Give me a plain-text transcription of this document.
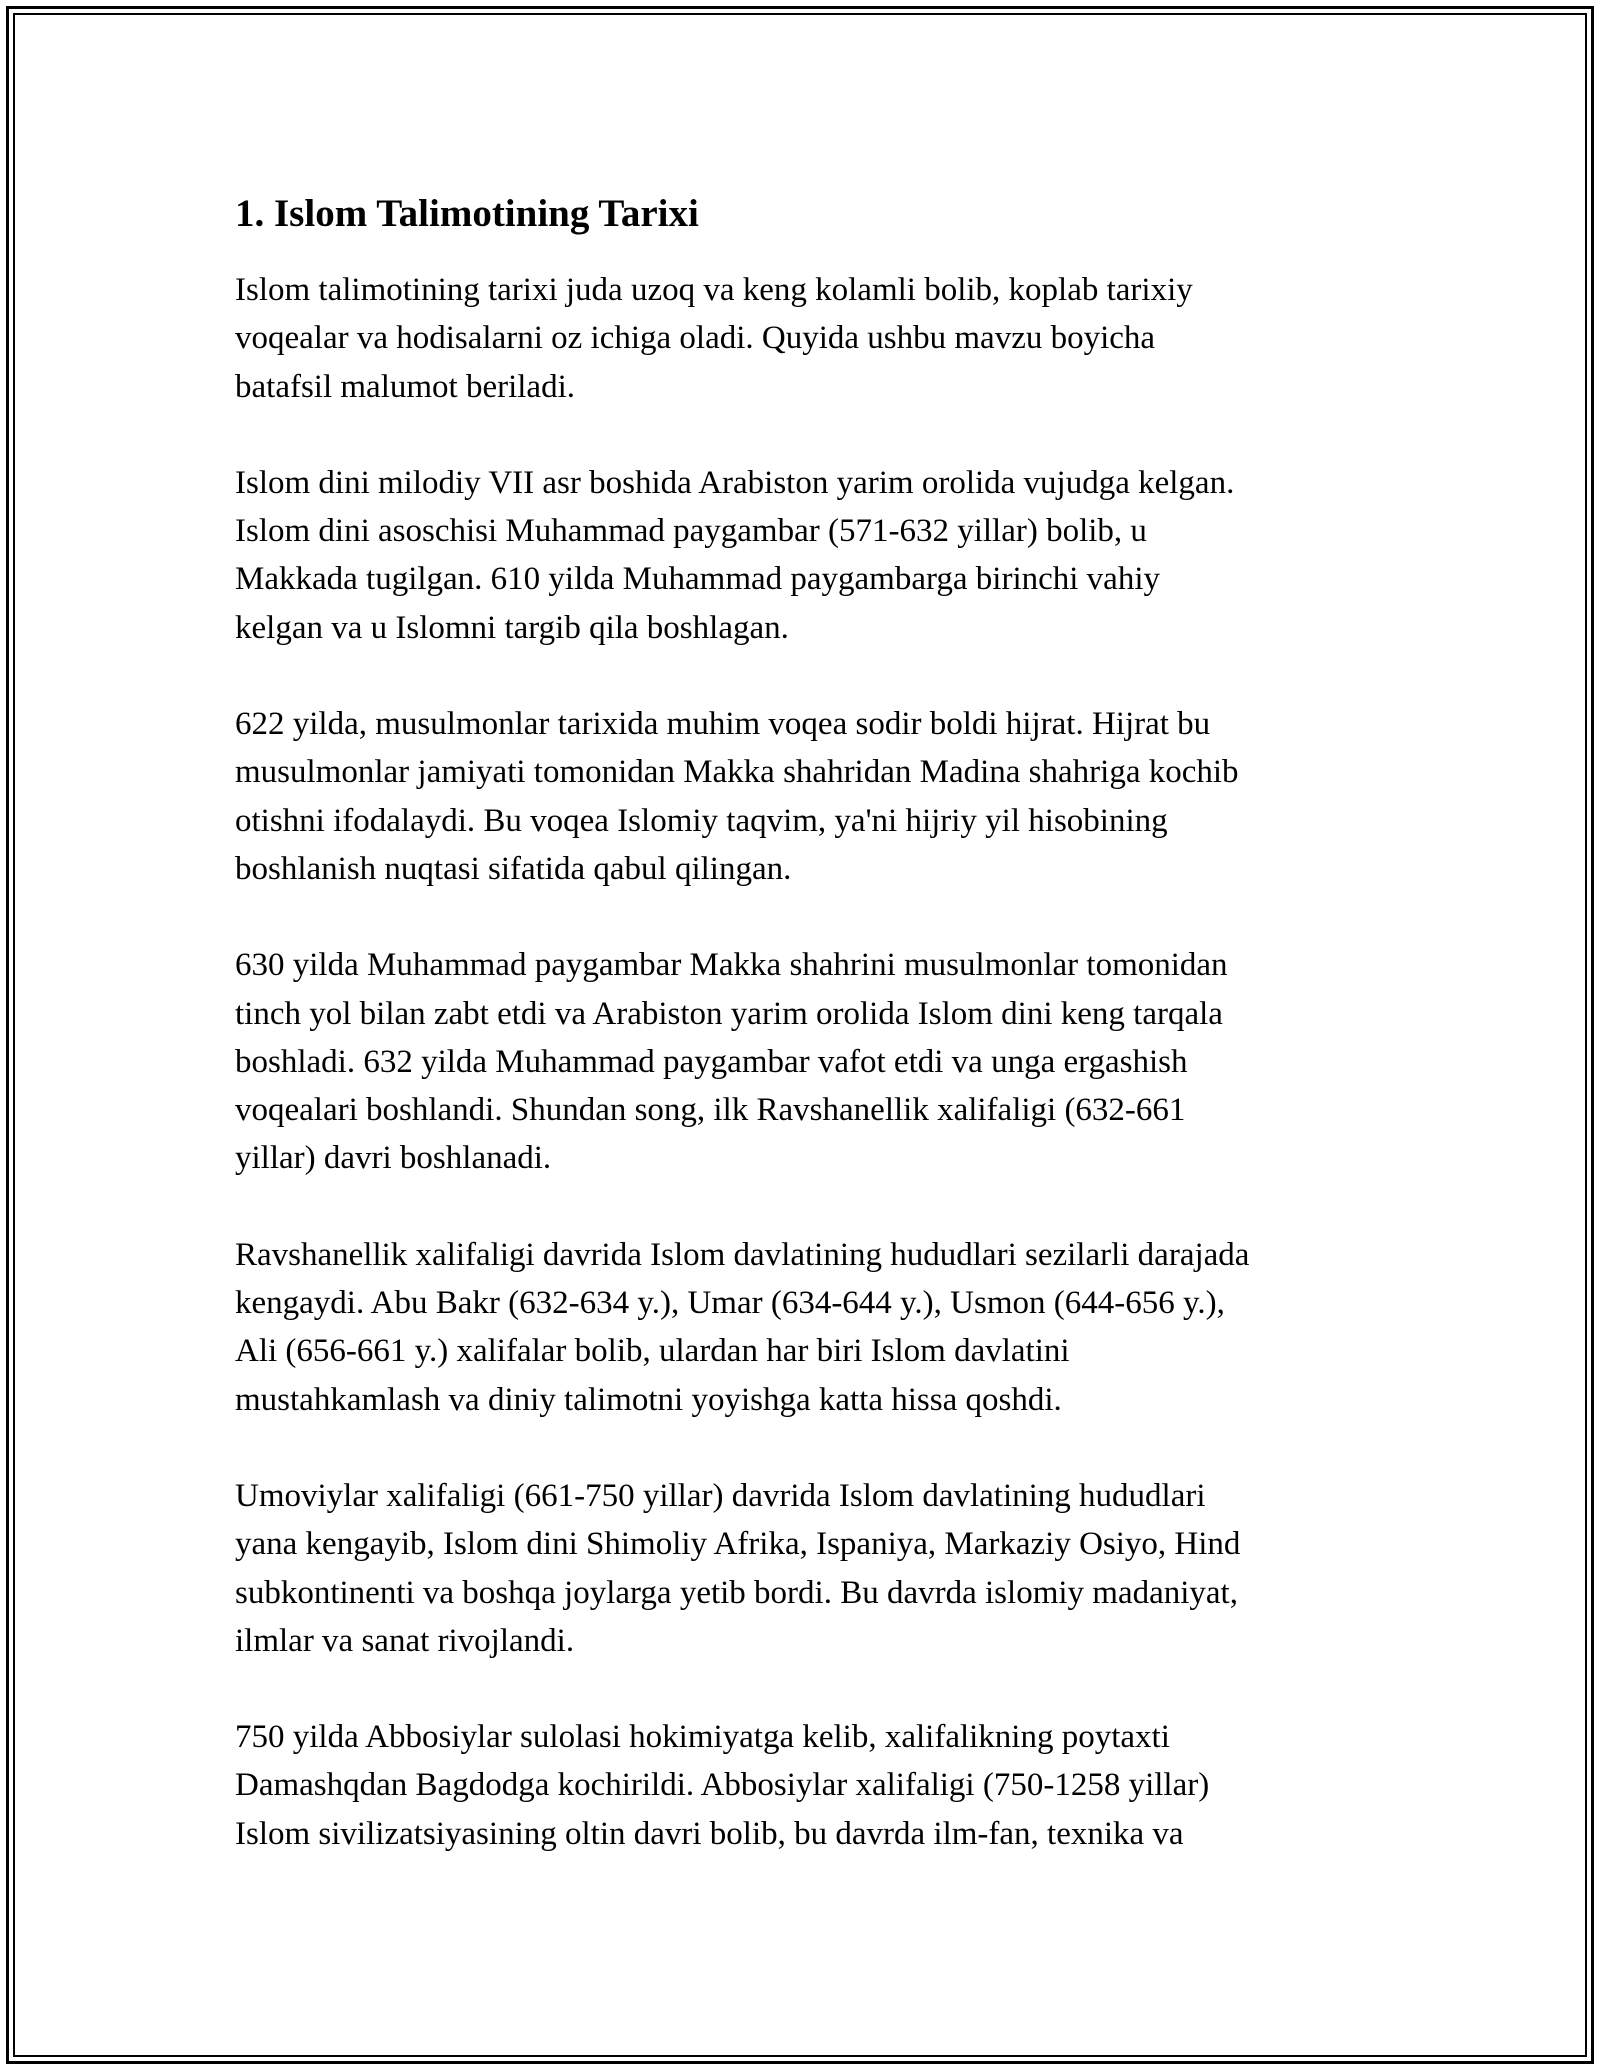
1. Islom Talimotining Tarixi

Islom talimotining tarixi juda uzoq va keng kolamli bolib, koplab tarixiy
voqealar va hodisalarni oz ichiga oladi. Quyida ushbu mavzu boyicha
batafsil malumot beriladi.

Islom dini milodiy VII asr boshida Arabiston yarim orolida vujudga kelgan.
Islom dini asoschisi Muhammad paygambar (571-632 yillar) bolib, u
Makkada tugilgan. 610 yilda Muhammad paygambarga birinchi vahiy
kelgan va u Islomni targib qila boshlagan.

622 yilda, musulmonlar tarixida muhim voqea sodir boldi hijrat. Hijrat bu
musulmonlar jamiyati tomonidan Makka shahridan Madina shahriga kochib
otishni ifodalaydi. Bu voqea Islomiy taqvim, ya'ni hijriy yil hisobining
boshlanish nuqtasi sifatida qabul qilingan.

630 yilda Muhammad paygambar Makka shahrini musulmonlar tomonidan
tinch yol bilan zabt etdi va Arabiston yarim orolida Islom dini keng tarqala
boshladi. 632 yilda Muhammad paygambar vafot etdi va unga ergashish
voqealari boshlandi. Shundan song, ilk Ravshanellik xalifaligi (632-661
yillar) davri boshlanadi.

Ravshanellik xalifaligi davrida Islom davlatining hududlari sezilarli darajada
kengaydi. Abu Bakr (632-634 y.), Umar (634-644 y.), Usmon (644-656 y.),
Ali (656-661 y.) xalifalar bolib, ulardan har biri Islom davlatini
mustahkamlash va diniy talimotni yoyishga katta hissa qoshdi.

Umoviylar xalifaligi (661-750 yillar) davrida Islom davlatining hududlari
yana kengayib, Islom dini Shimoliy Afrika, Ispaniya, Markaziy Osiyo, Hind
subkontinenti va boshqa joylarga yetib bordi. Bu davrda islomiy madaniyat,
ilmlar va sanat rivojlandi.

750 yilda Abbosiylar sulolasi hokimiyatga kelib, xalifalikning poytaxti
Damashqdan Bagdodga kochirildi. Abbosiylar xalifaligi (750-1258 yillar)
Islom sivilizatsiyasining oltin davri bolib, bu davrda ilm-fan, texnika va
